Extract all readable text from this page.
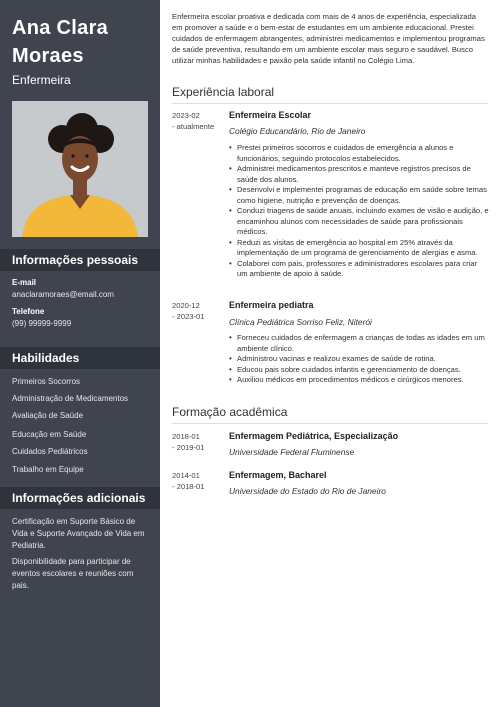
Ana Clara Moraes
Enfermeira
Informações pessoais
E-mail
anaclaramoraes@email.com
Telefone
(99) 99999-9999
Habilidades
Primeiros Socorros
Administração de Medicamentos
Avaliação de Saúde
Educação em Saúde
Cuidados Pediátricos
Trabalho em Equipe
Informações adicionais
Certificação em Suporte Básico de Vida e Suporte Avançado de Vida em Pediatria.
Disponibilidade para participar de eventos escolares e reuniões com pais.
Enfermeira escolar proativa e dedicada com mais de 4 anos de experiência, especializada em promover a saúde e o bem-estar de estudantes em um ambiente educacional. Prestei cuidados de enfermagem abrangentes, administrei medicamentos e implementou programas de saúde preventiva, resultando em um ambiente escolar mais seguro e saudável. Busco utilizar minhas habilidades e paixão pela saúde infantil no Colégio Lima.
Experiência laboral
2023-02
- atualmente
Enfermeira Escolar
Colégio Educandário, Rio de Janeiro
• Prestei primeiros socorros e cuidados de emergência a alunos e funcionários, seguindo protocolos estabelecidos.
• Administrei medicamentos prescritos e manteve registros precisos de saúde dos alunos.
• Desenvolvi e implementei programas de educação em saúde sobre temas como higiene, nutrição e prevenção de doenças.
• Conduzi triagens de saúde anuais, incluindo exames de visão e audição, e encaminhou alunos com necessidades de saúde para profissionais médicos.
• Reduzi as visitas de emergência ao hospital em 25% através da implementação de um programa de gerenciamento de alergias e asma.
• Colaborei com pais, professores e administradores escolares para criar um ambiente de apoio à saúde.
2020-12
- 2023-01
Enfermeira pediatra
Clínica Pediátrica Sorriso Feliz, Niterói
• Forneceu cuidados de enfermagem a crianças de todas as idades em um ambiente clínico.
• Administrou vacinas e realizou exames de saúde de rotina.
• Educou pais sobre cuidados infantis e gerenciamento de doenças.
• Auxiliou médicos em procedimentos médicos e cirúrgicos menores.
Formação acadêmica
2018-01
- 2019-01
Enfermagem Pediátrica, Especialização
Universidade Federal Fluminense
2014-01
- 2018-01
Enfermagem, Bacharel
Universidade do Estado do Rio de Janeiro
